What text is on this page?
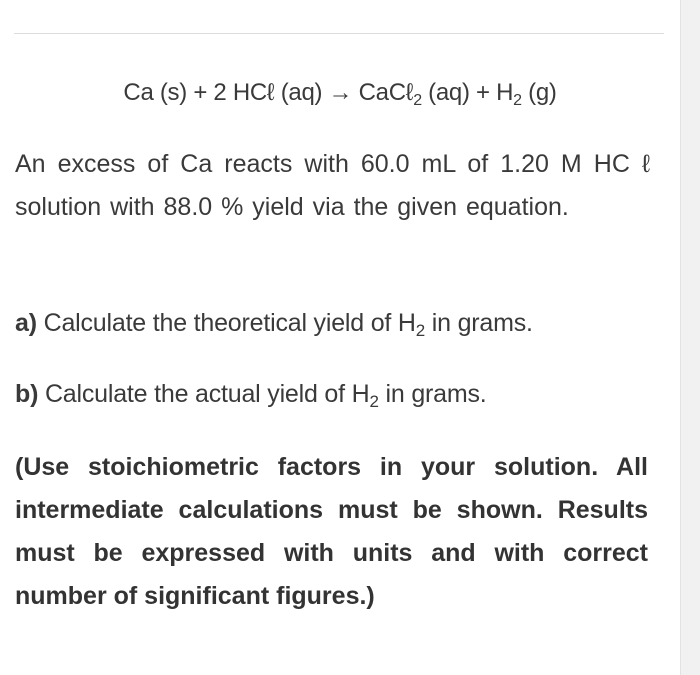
Ca (s) + 2 HCℓ (aq) → CaCℓ$_2$ $(aq) + H_2$ (g)
An excess of Ca reacts with 60.0 mL of 1.20 M HC ℓ solution with 88.0 % yield via the given equation.
a) Calculate the theoretical yield of $H_2$ in grams.
b) Calculate the actual yield of $H_2$ in grams.
(Use stoichiometric factors in your solution. All intermediate calculations must be shown. Results must be expressed with units and with correct number of significant figures.)
